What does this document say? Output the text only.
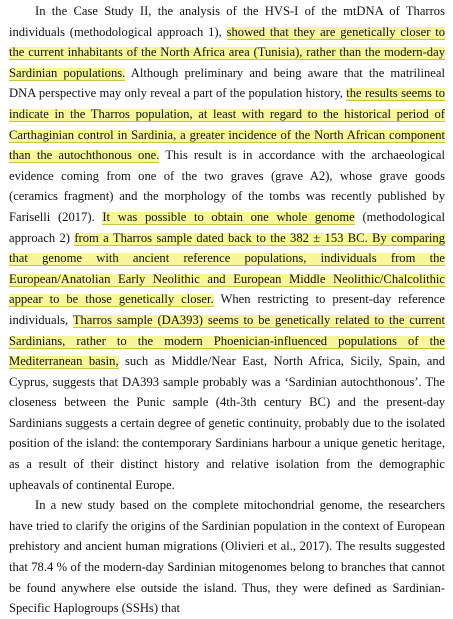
In the Case Study II, the analysis of the HVS-I of the mtDNA of Tharros individuals (methodological approach 1), showed that they are genetically closer to the current inhabitants of the North Africa area (Tunisia), rather than the modern-day Sardinian populations. Although preliminary and being aware that the matrilineal DNA perspective may only reveal a part of the population history, the results seems to indicate in the Tharros population, at least with regard to the historical period of Carthaginian control in Sardinia, a greater incidence of the North African component than the autochthonous one. This result is in accordance with the archaeological evidence coming from one of the two graves (grave A2), whose grave goods (ceramics fragment) and the morphology of the tombs was recently published by Fariselli (2017). It was possible to obtain one whole genome (methodological approach 2) from a Tharros sample dated back to the 382 ± 153 BC. By comparing that genome with ancient reference populations, individuals from the European/Anatolian Early Neolithic and European Middle Neolithic/Chalcolithic appear to be those genetically closer. When restricting to present-day reference individuals, Tharros sample (DA393) seems to be genetically related to the current Sardinians, rather to the modern Phoenician-influenced populations of the Mediterranean basin, such as Middle/Near East, North Africa, Sicily, Spain, and Cyprus, suggests that DA393 sample probably was a ‘Sardinian autochthonous’. The closeness between the Punic sample (4th-3th century BC) and the present-day Sardinians suggests a certain degree of genetic continuity, probably due to the isolated position of the island: the contemporary Sardinians harbour a unique genetic heritage, as a result of their distinct history and relative isolation from the demographic upheavals of continental Europe.

In a new study based on the complete mitochondrial genome, the researchers have tried to clarify the origins of the Sardinian population in the context of European prehistory and ancient human migrations (Olivieri et al., 2017). The results suggested that 78.4 % of the modern-day Sardinian mitogenomes belong to branches that cannot be found anywhere else outside the island. Thus, they were defined as Sardinian-Specific Haplogroups (SSHs) that
